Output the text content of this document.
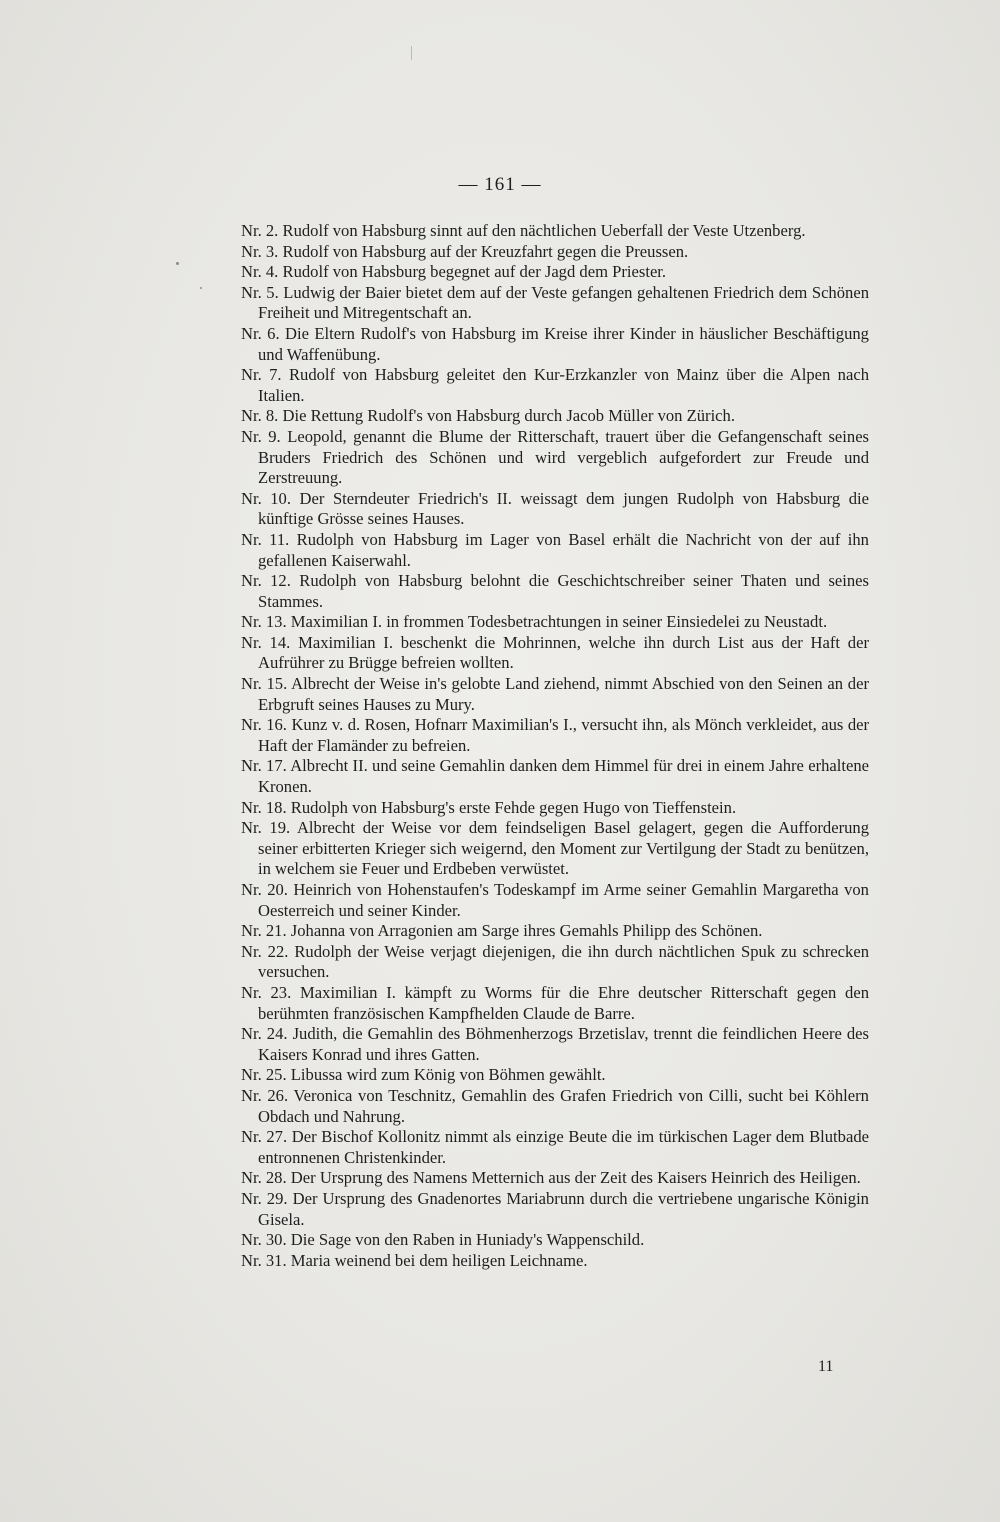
— 161 —
Nr. 2. Rudolf von Habsburg sinnt auf den nächtlichen Ueberfall der Veste Utzenberg.
Nr. 3. Rudolf von Habsburg auf der Kreuzfahrt gegen die Preussen.
Nr. 4. Rudolf von Habsburg begegnet auf der Jagd dem Priester.
Nr. 5. Ludwig der Baier bietet dem auf der Veste gefangen gehaltenen Friedrich dem Schönen Freiheit und Mitregentschaft an.
Nr. 6. Die Eltern Rudolf's von Habsburg im Kreise ihrer Kinder in häuslicher Beschäftigung und Waffenübung.
Nr. 7. Rudolf von Habsburg geleitet den Kur-Erzkanzler von Mainz über die Alpen nach Italien.
Nr. 8. Die Rettung Rudolf's von Habsburg durch Jacob Müller von Zürich.
Nr. 9. Leopold, genannt die Blume der Ritterschaft, trauert über die Gefangenschaft seines Bruders Friedrich des Schönen und wird vergeblich aufgefordert zur Freude und Zerstreuung.
Nr. 10. Der Sterndeuter Friedrich's II. weissagt dem jungen Rudolph von Habsburg die künftige Grösse seines Hauses.
Nr. 11. Rudolph von Habsburg im Lager von Basel erhält die Nachricht von der auf ihn gefallenen Kaiserwahl.
Nr. 12. Rudolph von Habsburg belohnt die Geschichtschreiber seiner Thaten und seines Stammes.
Nr. 13. Maximilian I. in frommen Todesbetrachtungen in seiner Einsiedelei zu Neustadt.
Nr. 14. Maximilian I. beschenkt die Mohrinnen, welche ihn durch List aus der Haft der Aufrührer zu Brügge befreien wollten.
Nr. 15. Albrecht der Weise in's gelobte Land ziehend, nimmt Abschied von den Seinen an der Erbgruft seines Hauses zu Mury.
Nr. 16. Kunz v. d. Rosen, Hofnarr Maximilian's I., versucht ihn, als Mönch verkleidet, aus der Haft der Flamänder zu befreien.
Nr. 17. Albrecht II. und seine Gemahlin danken dem Himmel für drei in einem Jahre erhaltene Kronen.
Nr. 18. Rudolph von Habsburg's erste Fehde gegen Hugo von Tieffenstein.
Nr. 19. Albrecht der Weise vor dem feindseligen Basel gelagert, gegen die Aufforderung seiner erbitterten Krieger sich weigernd, den Moment zur Vertilgung der Stadt zu benützen, in welchem sie Feuer und Erdbeben verwüstet.
Nr. 20. Heinrich von Hohenstaufen's Todeskampf im Arme seiner Gemahlin Margaretha von Oesterreich und seiner Kinder.
Nr. 21. Johanna von Arragonien am Sarge ihres Gemahls Philipp des Schönen.
Nr. 22. Rudolph der Weise verjagt diejenigen, die ihn durch nächtlichen Spuk zu schrecken versuchen.
Nr. 23. Maximilian I. kämpft zu Worms für die Ehre deutscher Ritterschaft gegen den berühmten französischen Kampfhelden Claude de Barre.
Nr. 24. Judith, die Gemahlin des Böhmenherzogs Brzetislav, trennt die feindlichen Heere des Kaisers Konrad und ihres Gatten.
Nr. 25. Libussa wird zum König von Böhmen gewählt.
Nr. 26. Veronica von Teschnitz, Gemahlin des Grafen Friedrich von Cilli, sucht bei Köhlern Obdach und Nahrung.
Nr. 27. Der Bischof Kollonitz nimmt als einzige Beute die im türkischen Lager dem Blutbade entronnenen Christenkinder.
Nr. 28. Der Ursprung des Namens Metternich aus der Zeit des Kaisers Heinrich des Heiligen.
Nr. 29. Der Ursprung des Gnadenortes Mariabrunn durch die vertriebene ungarische Königin Gisela.
Nr. 30. Die Sage von den Raben in Huniady's Wappenschild.
Nr. 31. Maria weinend bei dem heiligen Leichname.
11
